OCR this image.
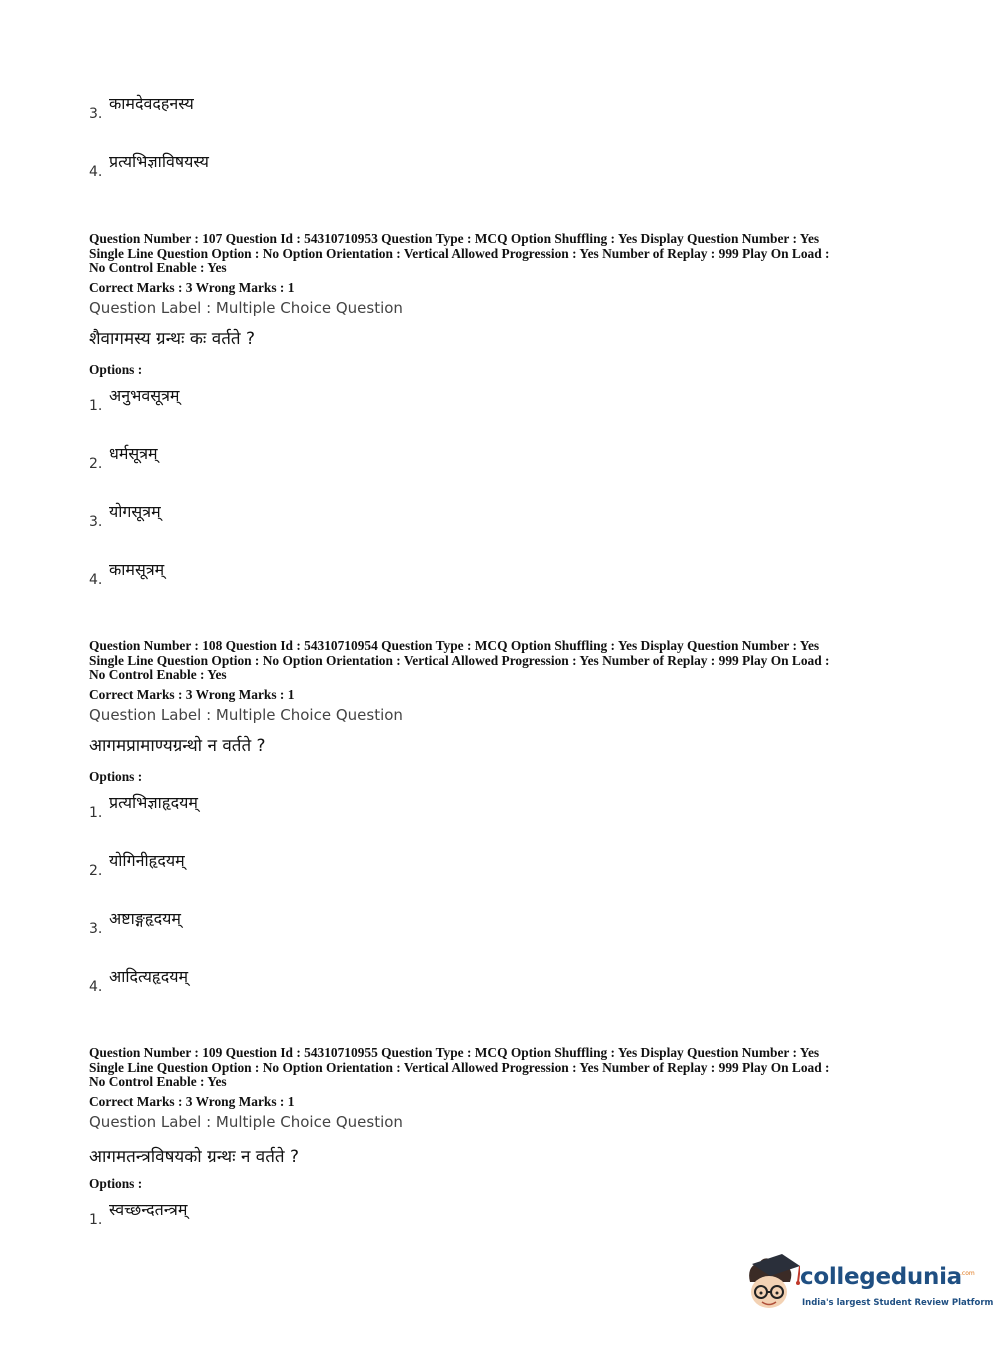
3.
कामदेवदहनस्य
4.
प्रत्यभिज्ञाविषयस्य
Question Number : 107 Question Id : 54310710953 Question Type : MCQ Option Shuffling : Yes Display Question Number : Yes
Single Line Question Option : No Option Orientation : Vertical Allowed Progression : Yes Number of Replay : 999 Play On Load :
No Control Enable : Yes
Correct Marks : 3 Wrong Marks : 1
Question Label : Multiple Choice Question
शैवागमस्य ग्रन्थः कः वर्तते ?
Options :
1.
अनुभवसूत्रम्
2.
धर्मसूत्रम्
3.
योगसूत्रम्
4.
कामसूत्रम्
Question Number : 108 Question Id : 54310710954 Question Type : MCQ Option Shuffling : Yes Display Question Number : Yes
Single Line Question Option : No Option Orientation : Vertical Allowed Progression : Yes Number of Replay : 999 Play On Load :
No Control Enable : Yes
Correct Marks : 3 Wrong Marks : 1
Question Label : Multiple Choice Question
आगमप्रामाण्यग्रन्थो न वर्तते ?
Options :
1.
प्रत्यभिज्ञाहृदयम्
2.
योगिनीहृदयम्
3.
अष्टाङ्गहृदयम्
4.
आदित्यहृदयम्
Question Number : 109 Question Id : 54310710955 Question Type : MCQ Option Shuffling : Yes Display Question Number : Yes
Single Line Question Option : No Option Orientation : Vertical Allowed Progression : Yes Number of Replay : 999 Play On Load :
No Control Enable : Yes
Correct Marks : 3 Wrong Marks : 1
Question Label : Multiple Choice Question
आगमतन्त्रविषयको ग्रन्थः न वर्तते ?
Options :
1.
स्वच्छन्दतन्त्रम्
collegedunia
.com
India's largest Student Review Platform
